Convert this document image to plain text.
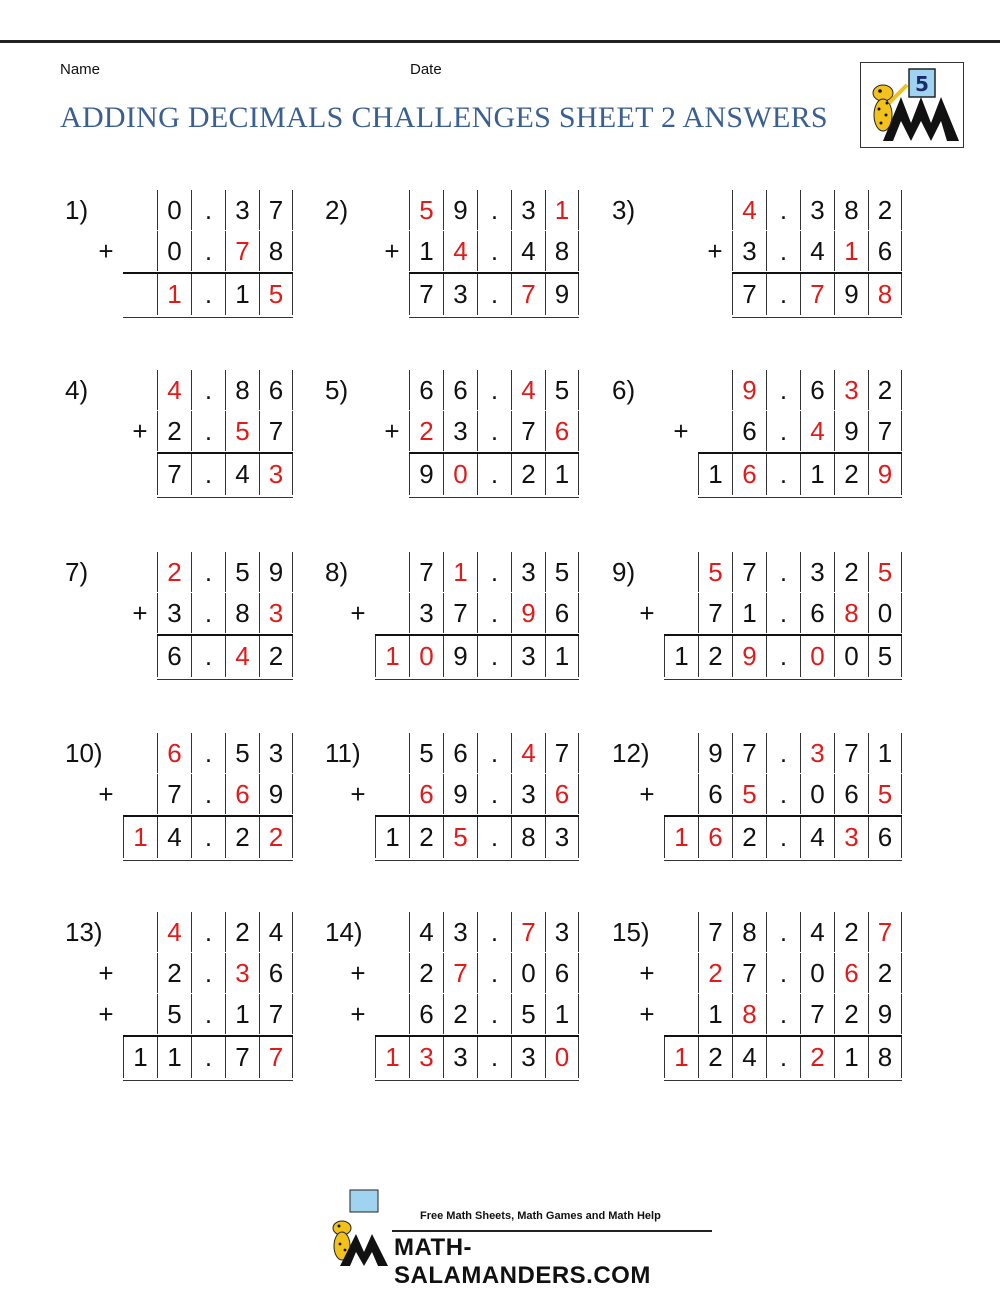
Name	Date
ADDING DECIMALS CHALLENGES SHEET 2 ANSWERS
5
1)	0 . 3 7
0 . 7 8
+
1 . 1 5
2)	5 9 . 3 1
1 4 . 4 8
+
7 3 . 7 9
3)	4 . 3 8 2
3 . 4 1 6
+
7 . 7 9 8
4)	4 . 8 6
2 . 5 7
+
7 . 4 3
5)	6 6 . 4 5
2 3 . 7 6
+
9 0 . 2 1
6)	9 . 6 3 2
6 . 4 9 7
+
1 6 . 1 2 9
7)	2 . 5 9
3 . 8 3
+
6 . 4 2
8)	7 1 . 3 5
3 7 . 9 6
+
1 0 9 . 3 1
9)	5 7 . 3 2 5
7 1 . 6 8 0
+
1 2 9 . 0 0 5
10)	6 . 5 3
7 . 6 9
+
1 4 . 2 2
11)	5 6 . 4 7
6 9 . 3 6
+
1 2 5 . 8 3
12)	9 7 . 3 7 1
6 5 . 0 6 5
+
1 6 2 . 4 3 6
13)	4 . 2 4
2 . 3 6
+
5 . 1 7
+
1 1 . 7 7
14)	4 3 . 7 3
2 7 . 0 6
+
6 2 . 5 1
+
1 3 3 . 3 0
15)	7 8 . 4 2 7
2 7 . 0 6 2
+
1 8 . 7 2 9
+
1 2 4 . 2 1 8
Free Math Sheets, Math Games and Math Help
MATH-SALAMANDERS.COM
